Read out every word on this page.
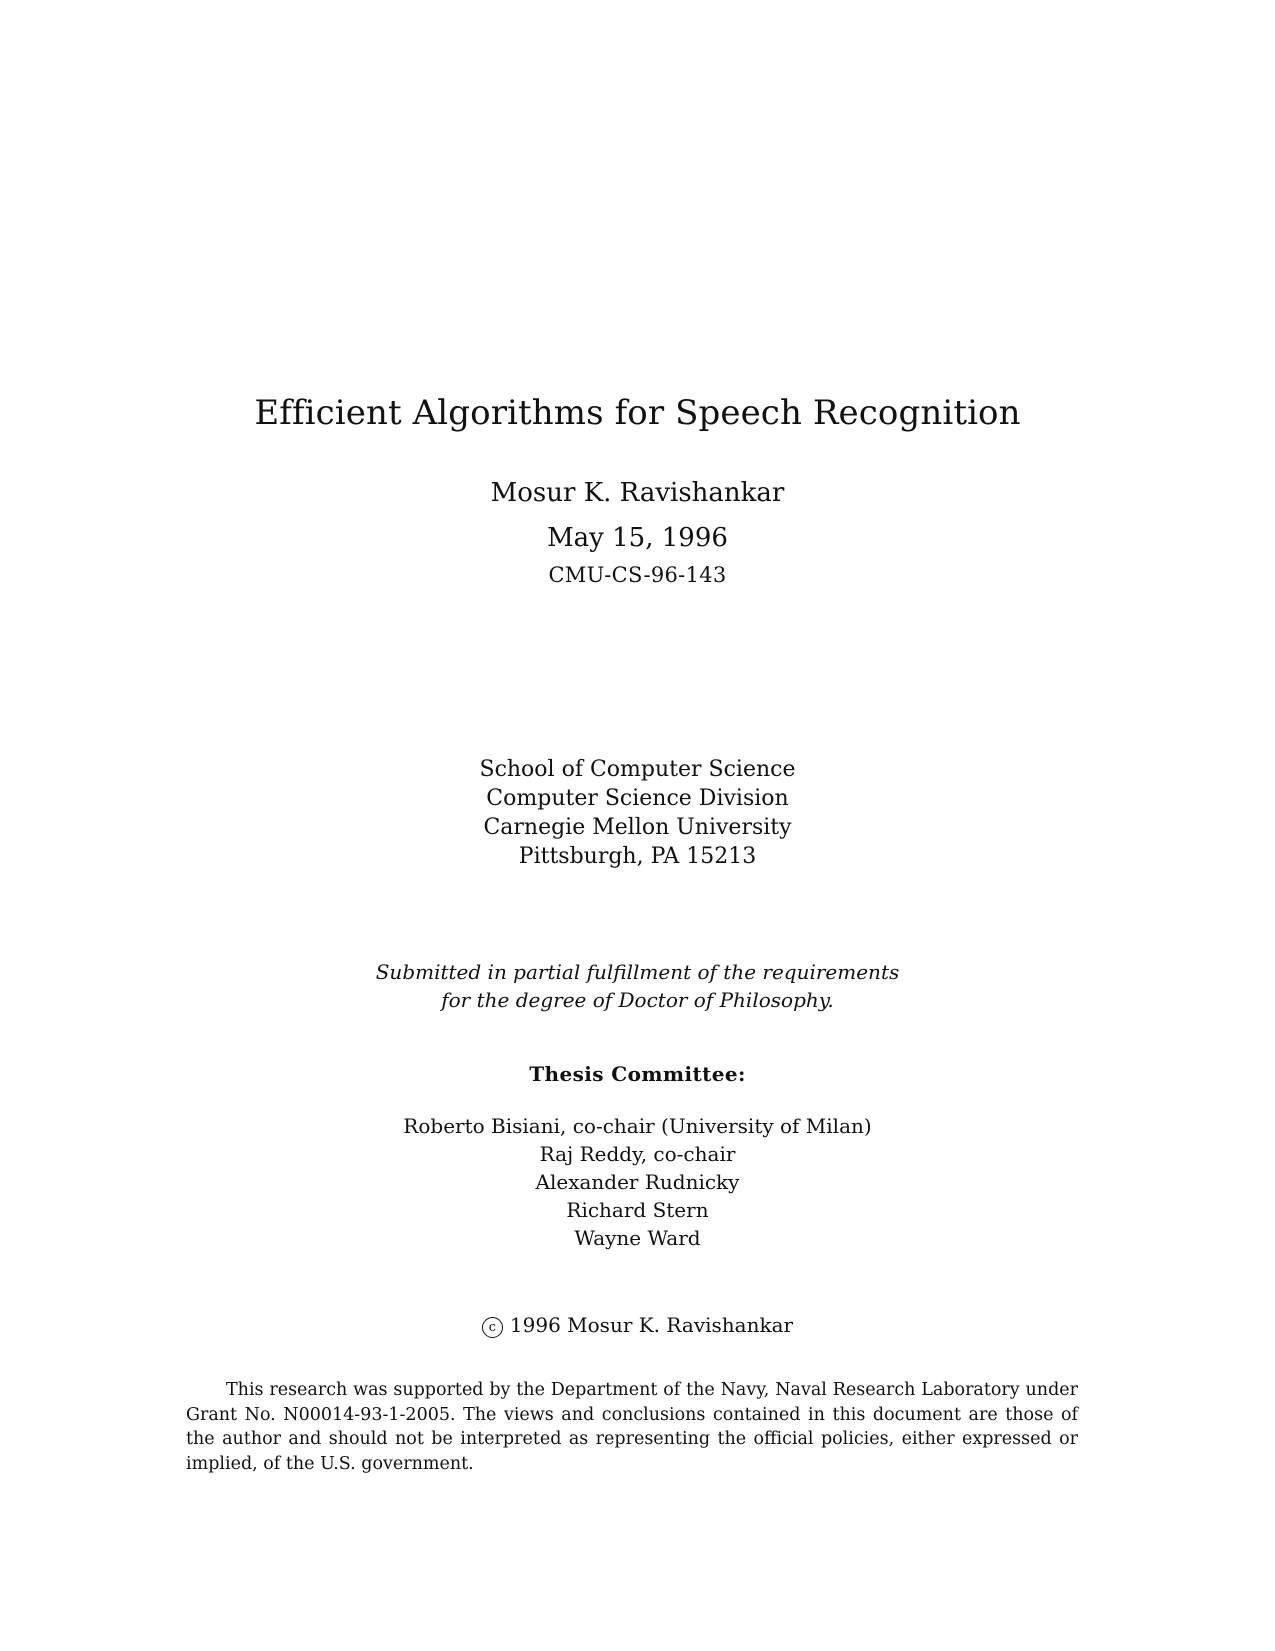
Efficient Algorithms for Speech Recognition
Mosur K. Ravishankar
May 15, 1996
CMU-CS-96-143
School of Computer Science
Computer Science Division
Carnegie Mellon University
Pittsburgh, PA 15213
Submitted in partial fulfillment of the requirements
for the degree of Doctor of Philosophy.
Thesis Committee:
Roberto Bisiani, co-chair (University of Milan)
Raj Reddy, co-chair
Alexander Rudnicky
Richard Stern
Wayne Ward
c 1996 Mosur K. Ravishankar

This research was supported by the Department of the Navy, Naval Research Laboratory under Grant No. N00014-93-1-2005. The views and conclusions contained in this document are those of the author and should not be interpreted as representing the official policies, either expressed or implied, of the U.S. government.
